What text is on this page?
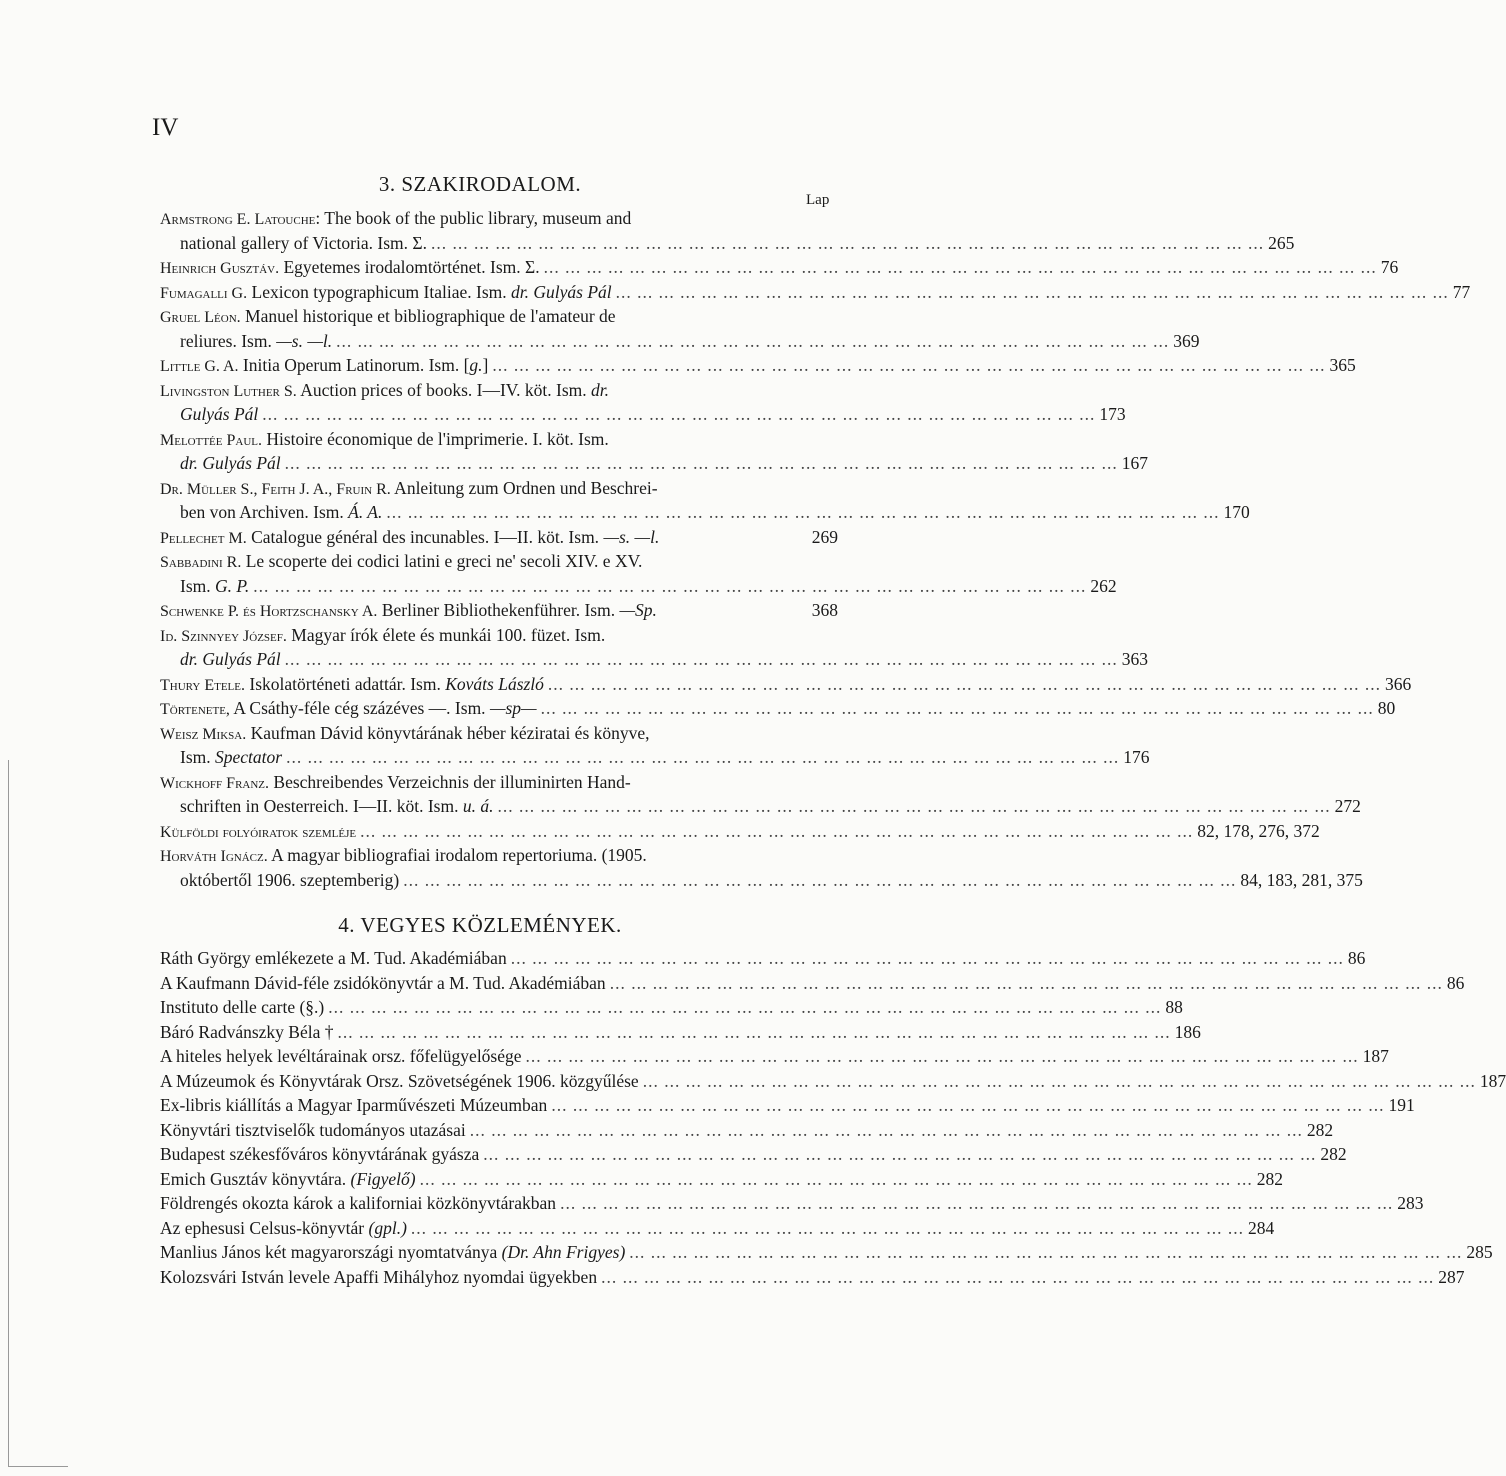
IV
3. SZAKIRODALOM.
Lap
Armstrong E. Latouche: The book of the public library, museum and
national gallery of Victoria. Ism. Σ. ... .	265
Heinrich Gusztáv. Egyetemes irodalomtörténet. Ism. Σ. ... .	76
Fumagalli G. Lexicon typographicum Italiae. Ism. dr. Gulyás Pál ... .	77
Gruel Léon. Manuel historique et bibliographique de l'amateur de
reliures. Ism. —s. —l. ... .	369
Little G. A. Initia Operum Latinorum. Ism. [g.] ... .	365
Livingston Luther S. Auction prices of books. I—IV. köt. Ism. dr.
Gulyás Pál ... .	173
Melottée Paul. Histoire économique de l'imprimerie. I. köt. Ism.
dr. Gulyás Pál ... .	167
Dr. Müller S., Feith J. A., Fruin R. Anleitung zum Ordnen und Beschrei-
ben von Archiven. Ism. Á. A. ... .	170
Pellechet M. Catalogue général des incunables. I—II. köt. Ism. —s. —l.	269
Sabbadini R. Le scoperte dei codici latini e greci ne' secoli XIV. e XV.
Ism. G. P. ... .	262
Schwenke P. és Hortzschansky A. Berliner Bibliothekenführer. Ism. —Sp.	368
Id. Szinnyey József. Magyar írók élete és munkái 100. füzet. Ism.
dr. Gulyás Pál ... .	363
Thury Etele. Iskolatörténeti adattár. Ism. Kováts László ... .	366
Törtenete, A Csáthy-féle cég százéves —. Ism. —sp— ... .	80
Weisz Miksa. Kaufman Dávid könyvtárának héber kéziratai és könyve,
Ism. Spectator ... .	176
Wickhoff Franz. Beschreibendes Verzeichnis der illuminirten Hand-
schriften in Oesterreich. I—II. köt. Ism. u. á. ... .	272
Külföldi folyóiratok szemléje ... .	82, 178, 276, 372
Horváth Ignácz. A magyar bibliografiai irodalom repertoriuma. (1905.
októbertől 1906. szeptemberig) ... .	84, 183, 281, 375
4. VEGYES KÖZLEMÉNYEK.
Ráth György emlékezete a M. Tud. Akadémiában ... .	86
A Kaufmann Dávid-féle zsidókönyvtár a M. Tud. Akadémiában ... .	86
Instituto delle carte (§.) ... .	88
Báró Radvánszky Béla † ... .	186
A hiteles helyek levéltárainak orsz. főfelügyelősége ... .	187
A Múzeumok és Könyvtárak Orsz. Szövetségének 1906. közgyűlése ... .	187
Ex-libris kiállítás a Magyar Iparművészeti Múzeumban ... .	191
Könyvtári tisztviselők tudományos utazásai ... .	282
Budapest székesfőváros könyvtárának gyásza ... .	282
Emich Gusztáv könyvtára. (Figyelő) ... .	282
Földrengés okozta károk a kaliforniai közkönyvtárakban ... .	283
Az ephesusi Celsus-könyvtár (gpl.) ... .	284
Manlius János két magyarországi nyomtatványa (Dr. Ahn Frigyes) ... .	285
Kolozsvári István levele Apaffi Mihályhoz nyomdai ügyekben ... .	287
